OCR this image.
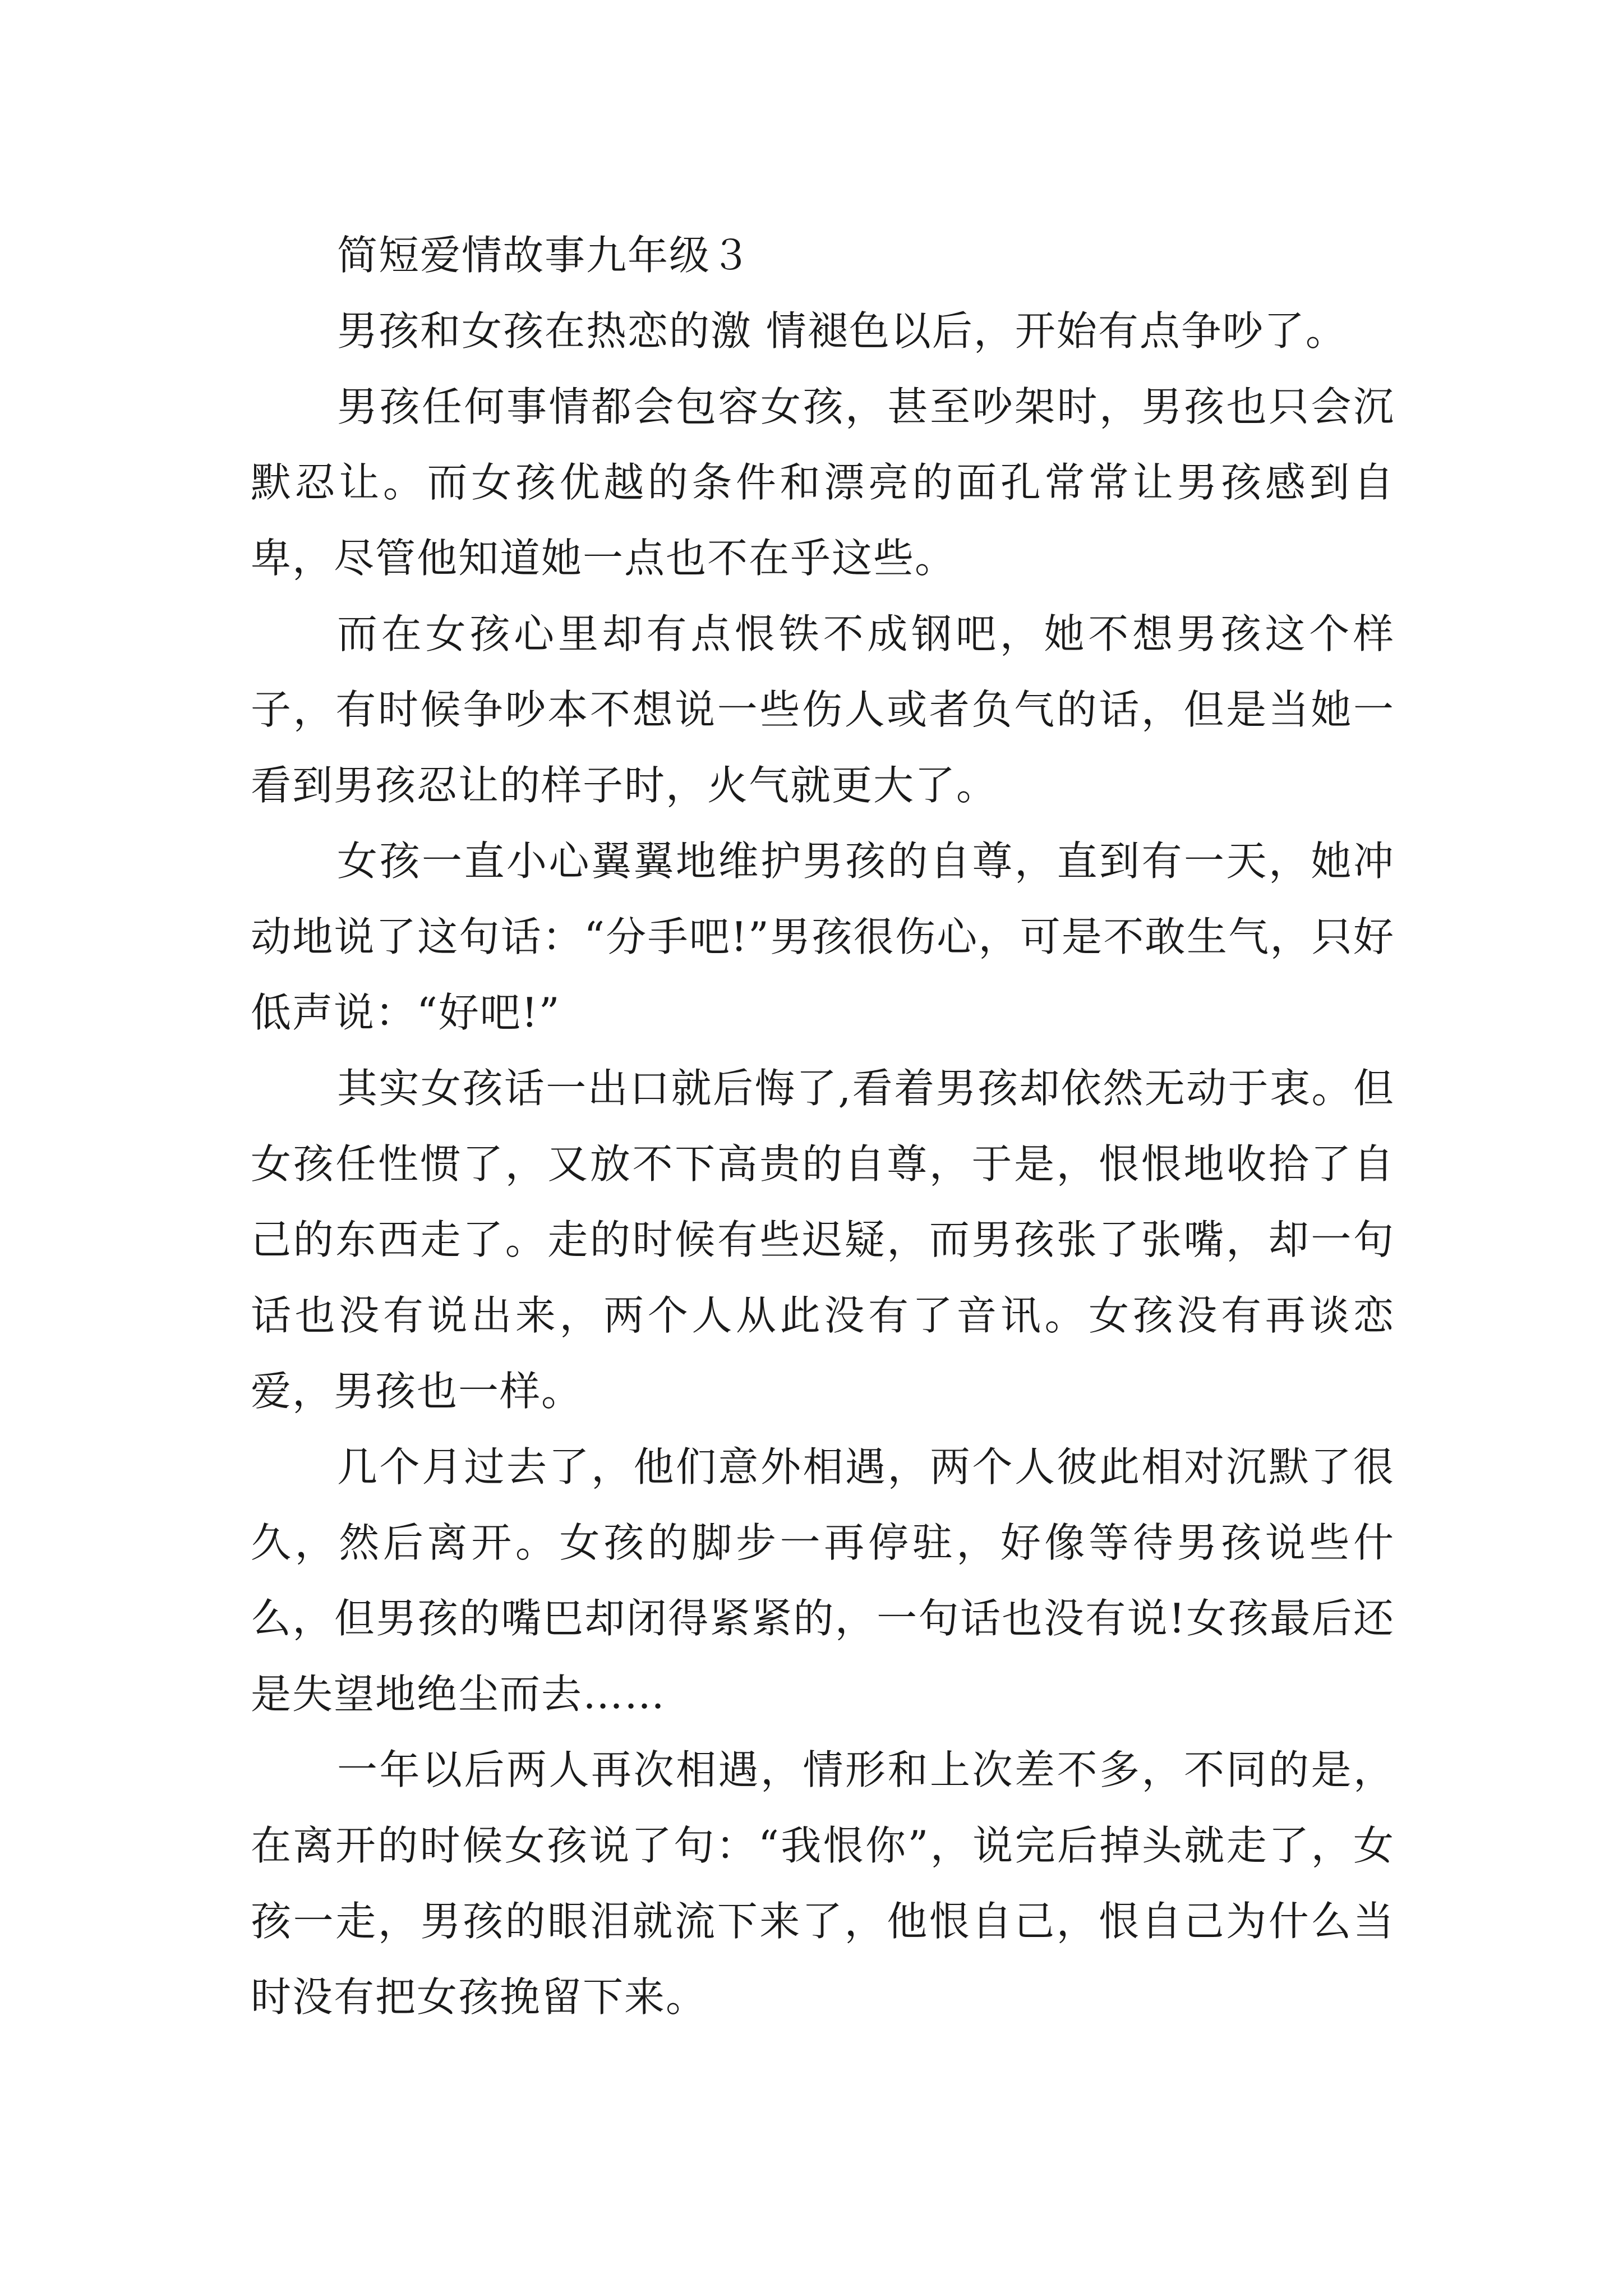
简短爱情故事九年级３

男孩和女孩在热恋的激 情褪色以后，开始有点争吵了。

男孩任何事情都会包容女孩，甚至吵架时，男孩也只会沉默忍让。而女孩优越的条件和漂亮的面孔常常让男孩感到自卑，尽管他知道她一点也不在乎这些。

而在女孩心里却有点恨铁不成钢吧，她不想男孩这个样子，有时候争吵本不想说一些伤人或者负气的话，但是当她一看到男孩忍让的样子时，火气就更大了。

女孩一直小心翼翼地维护男孩的自尊，直到有一天，她冲动地说了这句话：“分手吧!”男孩很伤心，可是不敢生气，只好低声说：“好吧!”

其实女孩话一出口就后悔了,看着男孩却依然无动于衷。但女孩任性惯了，又放不下高贵的自尊，于是，恨恨地收拾了自己的东西走了。走的时候有些迟疑，而男孩张了张嘴，却一句话也没有说出来，两个人从此没有了音讯。女孩没有再谈恋爱，男孩也一样。

几个月过去了，他们意外相遇，两个人彼此相对沉默了很久，然后离开。女孩的脚步一再停驻，好像等待男孩说些什么，但男孩的嘴巴却闭得紧紧的，一句话也没有说!女孩最后还是失望地绝尘而去……

一年以后两人再次相遇，情形和上次差不多，不同的是，在离开的时候女孩说了句：“我恨你”，说完后掉头就走了，女孩一走，男孩的眼泪就流下来了，他恨自己，恨自己为什么当时没有把女孩挽留下来。
